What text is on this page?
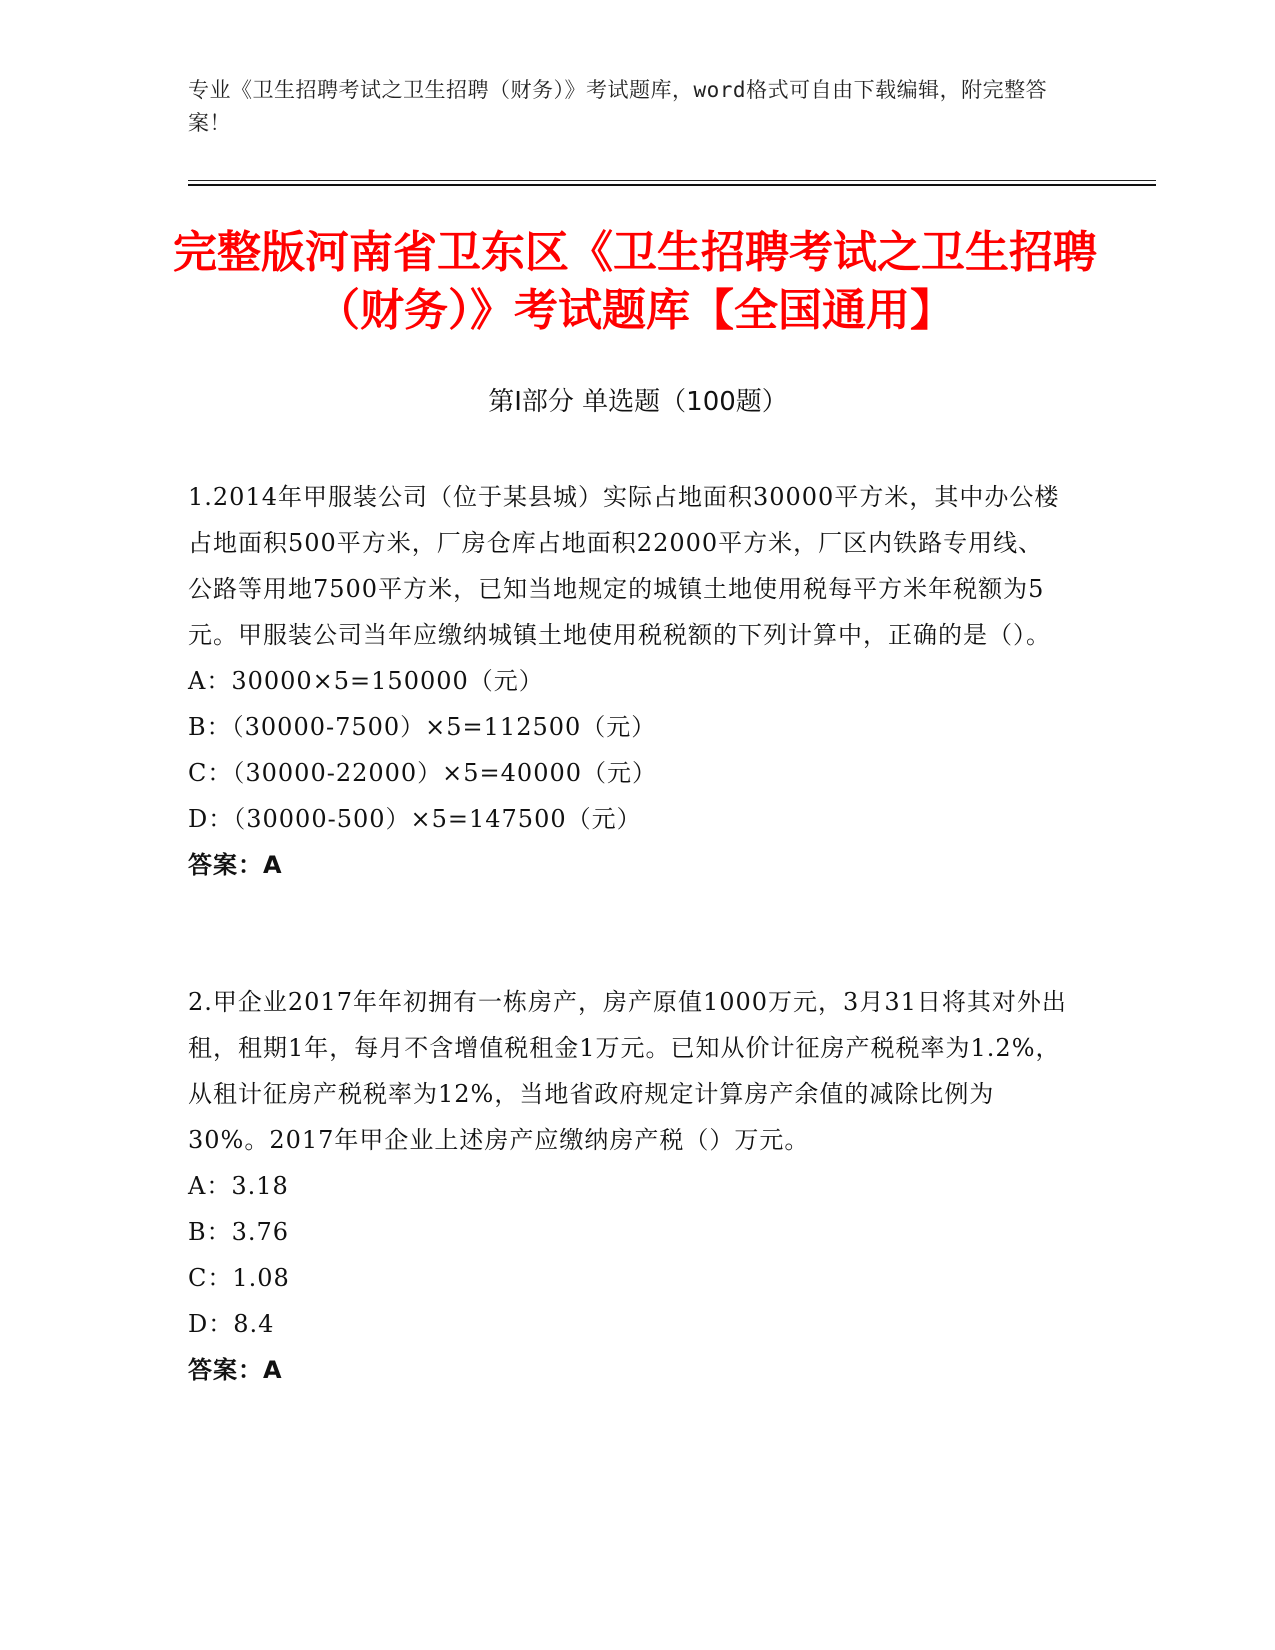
专业《卫生招聘考试之卫生招聘（财务）》考试题库，word格式可自由下载编辑，附完整答案！
完整版河南省卫东区《卫生招聘考试之卫生招聘（财务）》考试题库【全国通用】
第Ⅰ部分 单选题（100题）

1.2014年甲服装公司（位于某县城）实际占地面积30000平方米，其中办公楼占地面积500平方米，厂房仓库占地面积22000平方米，厂区内铁路专用线、公路等用地7500平方米，已知当地规定的城镇土地使用税每平方米年税额为5元。甲服装公司当年应缴纳城镇土地使用税税额的下列计算中，正确的是（）。

A：30000×5=150000（元）

B：（30000-7500）×5=112500（元）

C：（30000-22000）×5=40000（元）

D：（30000-500）×5=147500（元）

答案：A

2.甲企业2017年年初拥有一栋房产，房产原值1000万元，3月31日将其对外出租，租期1年，每月不含增值税租金1万元。已知从价计征房产税税率为1.2%，从租计征房产税税率为12%，当地省政府规定计算房产余值的减除比例为30%。2017年甲企业上述房产应缴纳房产税（）万元。

A：3.18

B：3.76

C：1.08

D：8.4

答案：A
